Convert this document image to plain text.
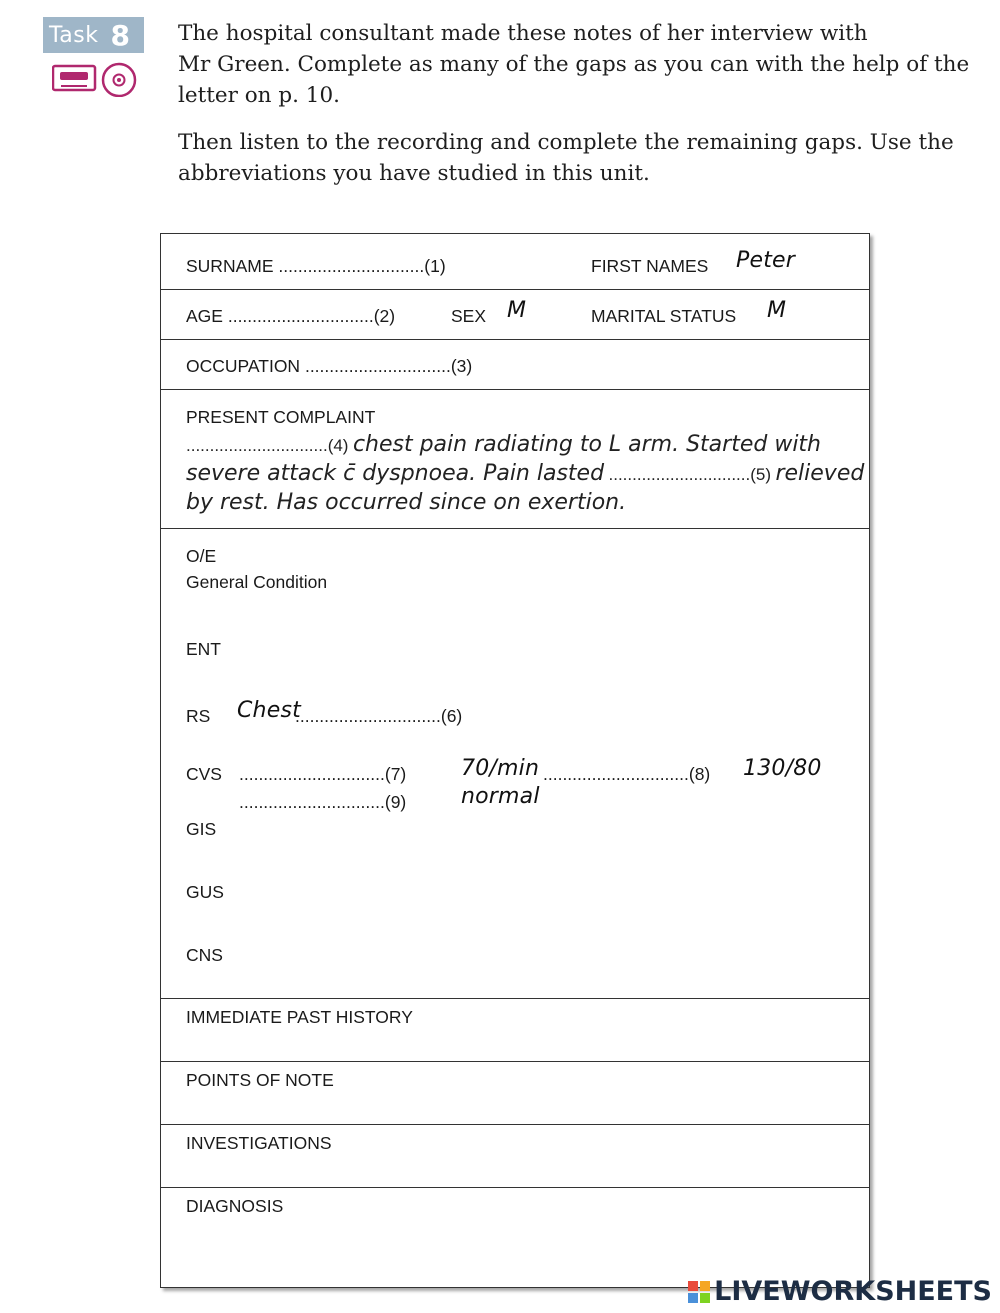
Task 8 The hospital consultant made these notes of her interview with
Mr Green. Complete as many of the gaps as you can with the help of the
letter on p. 10.

Then listen to the recording and complete the remaining gaps. Use the
abbreviations you have studied in this unit.

SURNAME ..............................(1)	FIRST NAMES Peter
AGE ..............................(2)	SEX M	MARITAL STATUS M
OCCUPATION ..............................(3)
PRESENT COMPLAINT
..............................(4) chest pain radiating to L arm. Started with
severe attack c̄ dyspnoea. Pain lasted ..............................(5) relieved
by rest. Has occurred since on exertion.
O/E
General Condition
ENT
RS Chest
..............................(6)
CVS ..............................(7) 70/min ..............................(8) 130/80
..............................(9) normal
GIS
GUS
CNS
IMMEDIATE PAST HISTORY
POINTS OF NOTE
INVESTIGATIONS
DIAGNOSIS
LIVEWORKSHEETS
